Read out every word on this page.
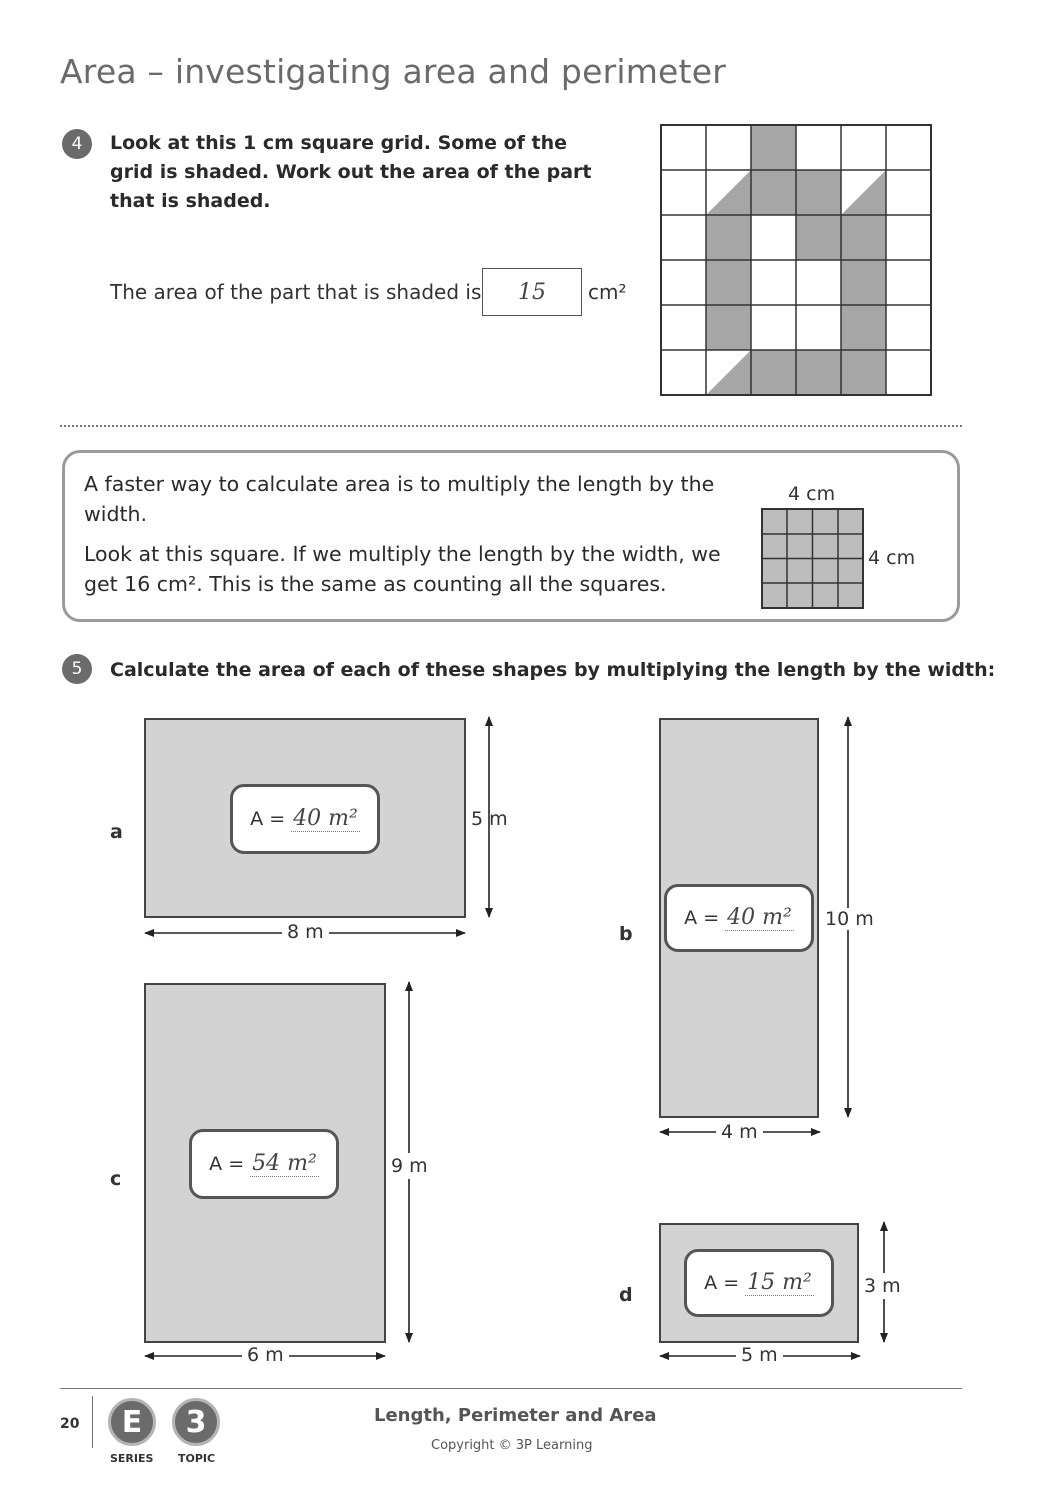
Area – investigating area and perimeter
4	Look at this 1 cm square grid. Some of the grid is shaded. Work out the area of the part that is shaded.
The area of the part that is shaded is	15	cm²
A faster way to calculate area is to multiply the length by the width.
Look at this square. If we multiply the length by the width, we get 16 cm². This is the same as counting all the squares.
4 cm
4 cm
5	Calculate the area of each of these shapes by multiplying the length by the width:
a
A = 40 m²	5 m
8 m	b
A = 40 m² 10 m
4 m
c
A = 54 m²	9 m
6 m
d
A = 15 m²	3 m
5 m
20	E
SERIES
3
TOPIC
Length, Perimeter and Area
Copyright © 3P Learning
